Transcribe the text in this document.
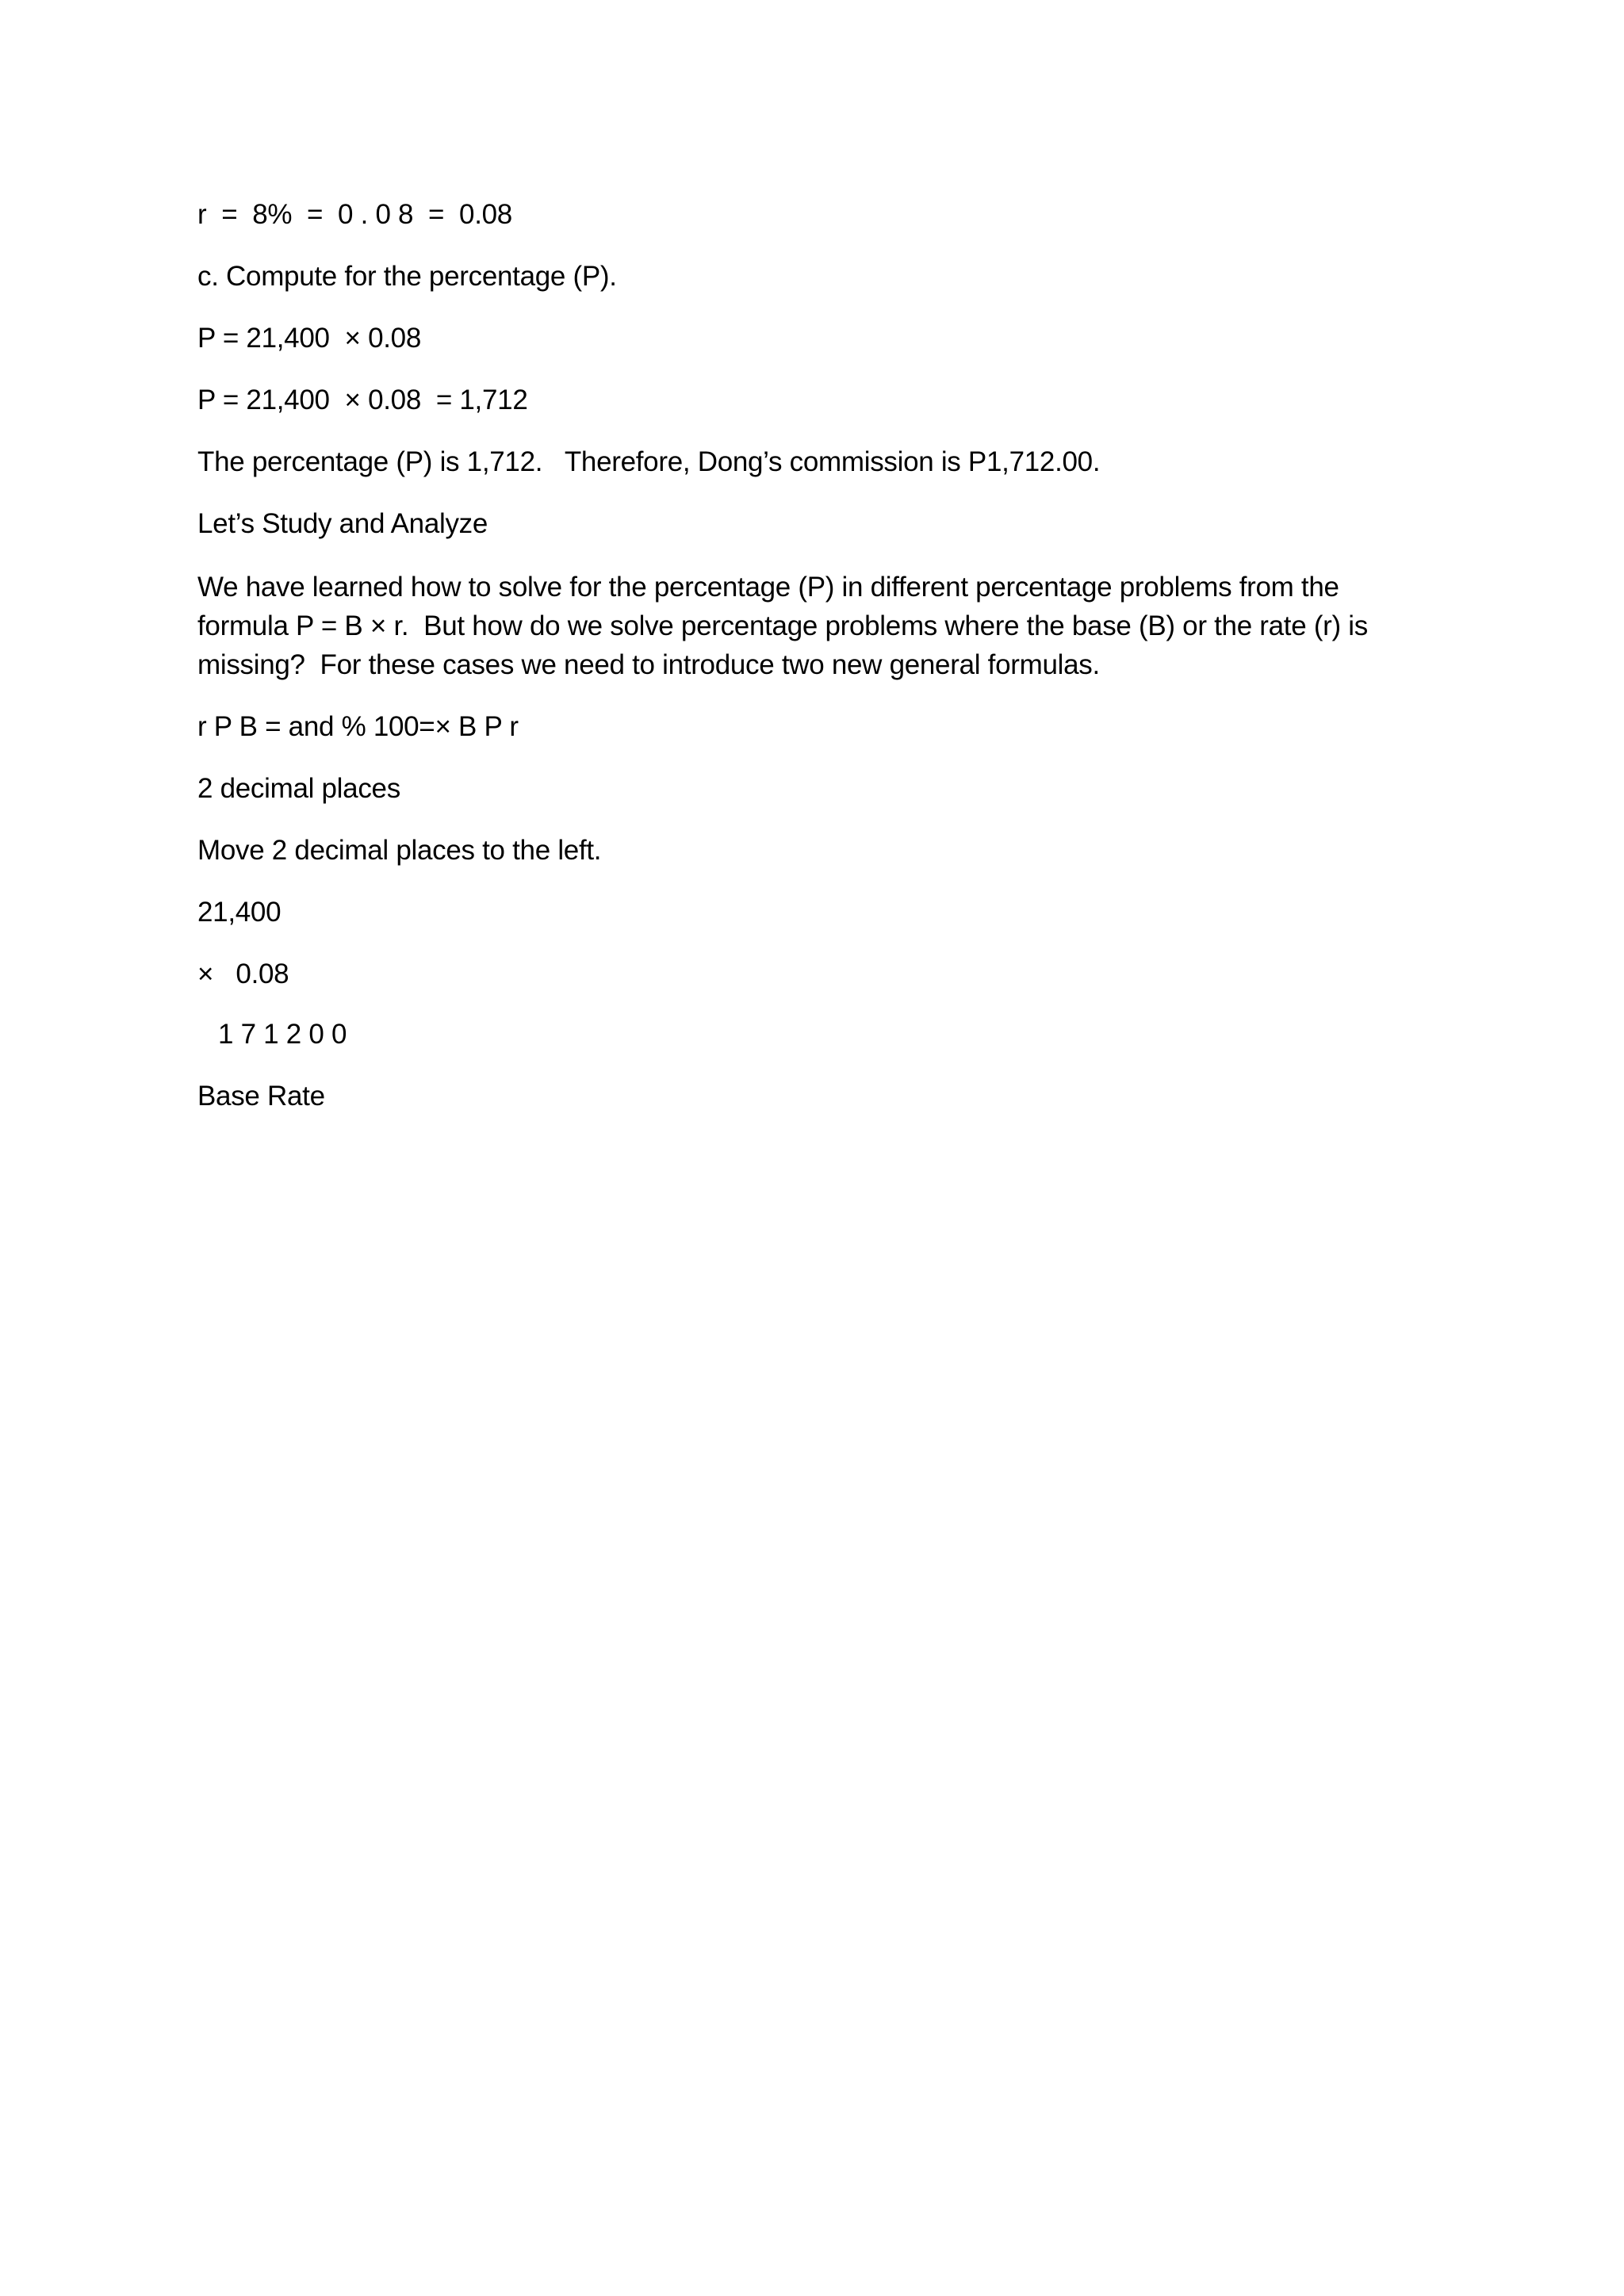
r  =  8%  =  0 . 0 8  =  0.08

c. Compute for the percentage (P).

P = 21,400  × 0.08

P = 21,400  × 0.08  = 1,712

The percentage (P) is 1,712.   Therefore, Dong’s commission is P1,712.00.

Let’s Study and Analyze

We have learned how to solve for the percentage (P) in different percentage problems from the
formula P = B × r.  But how do we solve percentage problems where the base (B) or the rate (r) is
missing?  For these cases we need to introduce two new general formulas.

r P B = and % 100=× B P r

2 decimal places

Move 2 decimal places to the left.

21,400

×   0.08

1 7 1 2 0 0

Base Rate
